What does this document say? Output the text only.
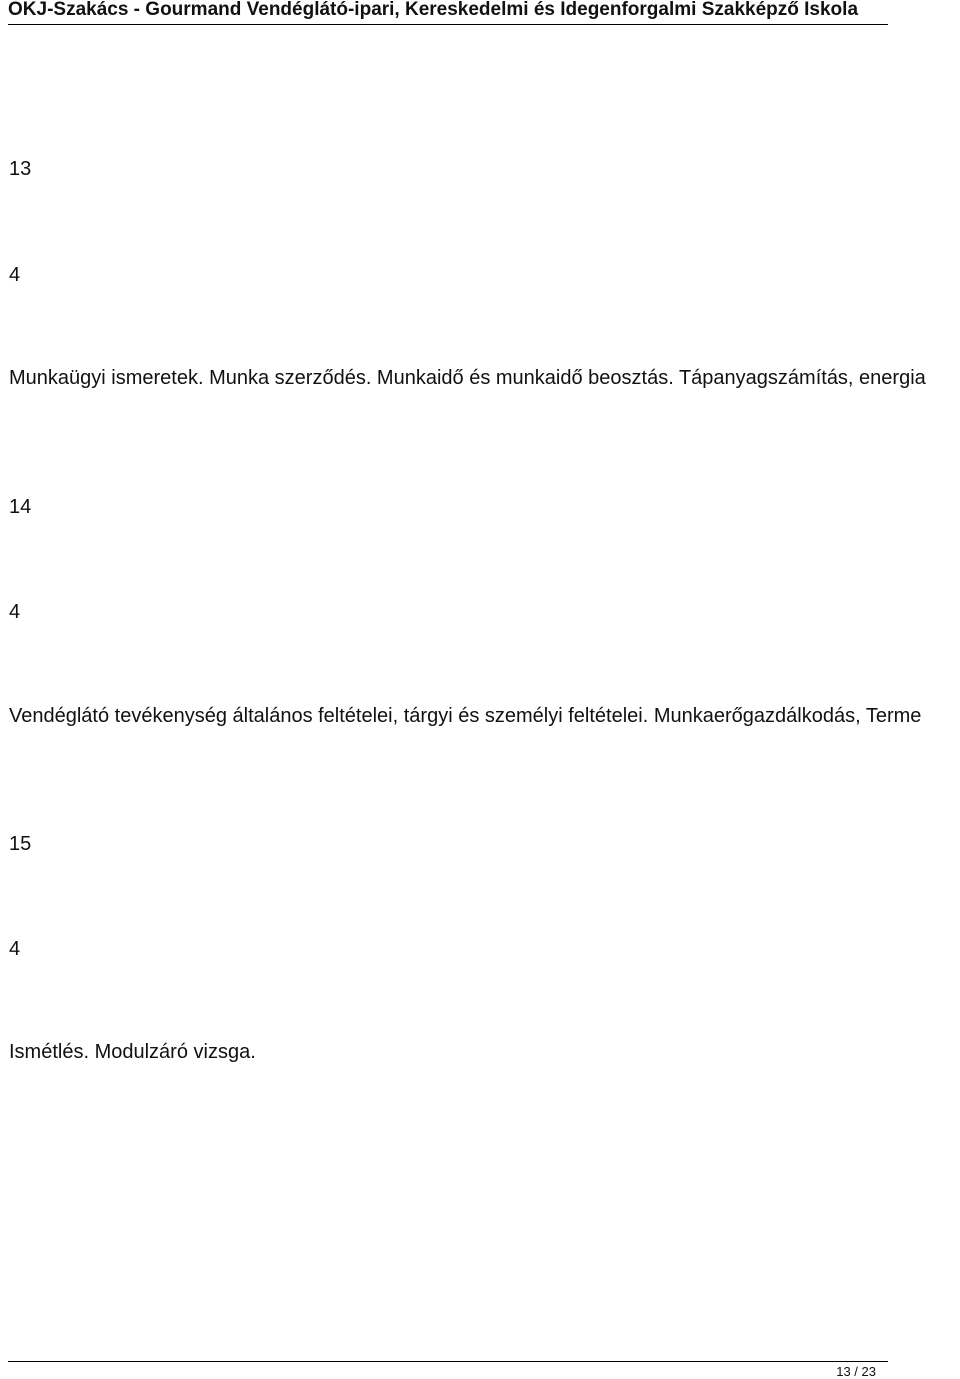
OKJ-Szakács - Gourmand Vendéglátó-ipari, Kereskedelmi és Idegenforgalmi Szakképző Iskola
13
4
Munkaügyi ismeretek. Munka szerződés. Munkaidő és munkaidő beosztás. Tápanyagszámítás, energia
14
4
Vendéglátó tevékenység általános feltételei, tárgyi és személyi feltételei. Munkaerőgazdálkodás, Terme
15
4
Ismétlés. Modulzáró vizsga.
13 / 23
